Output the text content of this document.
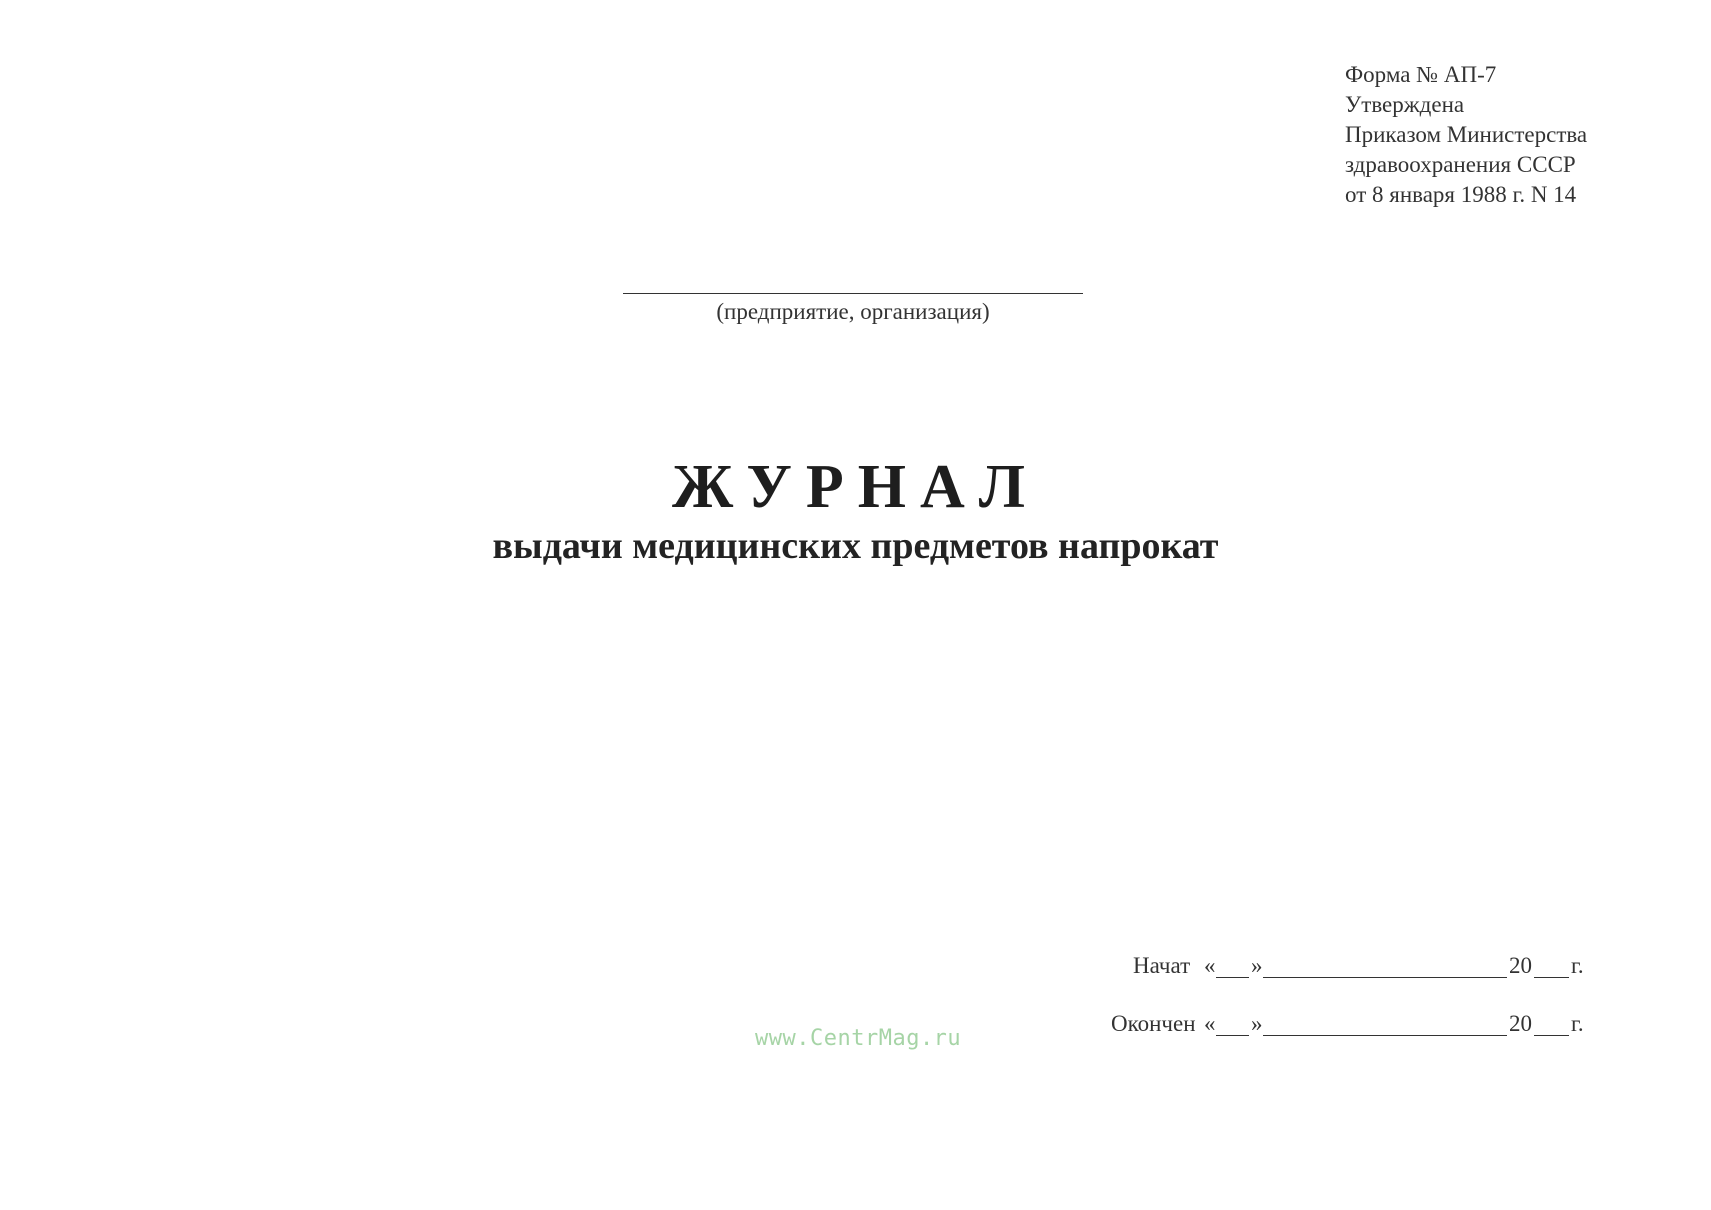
Форма № АП-7
Утверждена
Приказом Министерства
здравоохранения СССР
от 8 января 1988 г. N 14
(предприятие, организация)
ЖУРНАЛ
выдачи медицинских предметов напрокат
Начат « »	20 г.
Окончен « »	20 г.
www.CentrMag.ru
